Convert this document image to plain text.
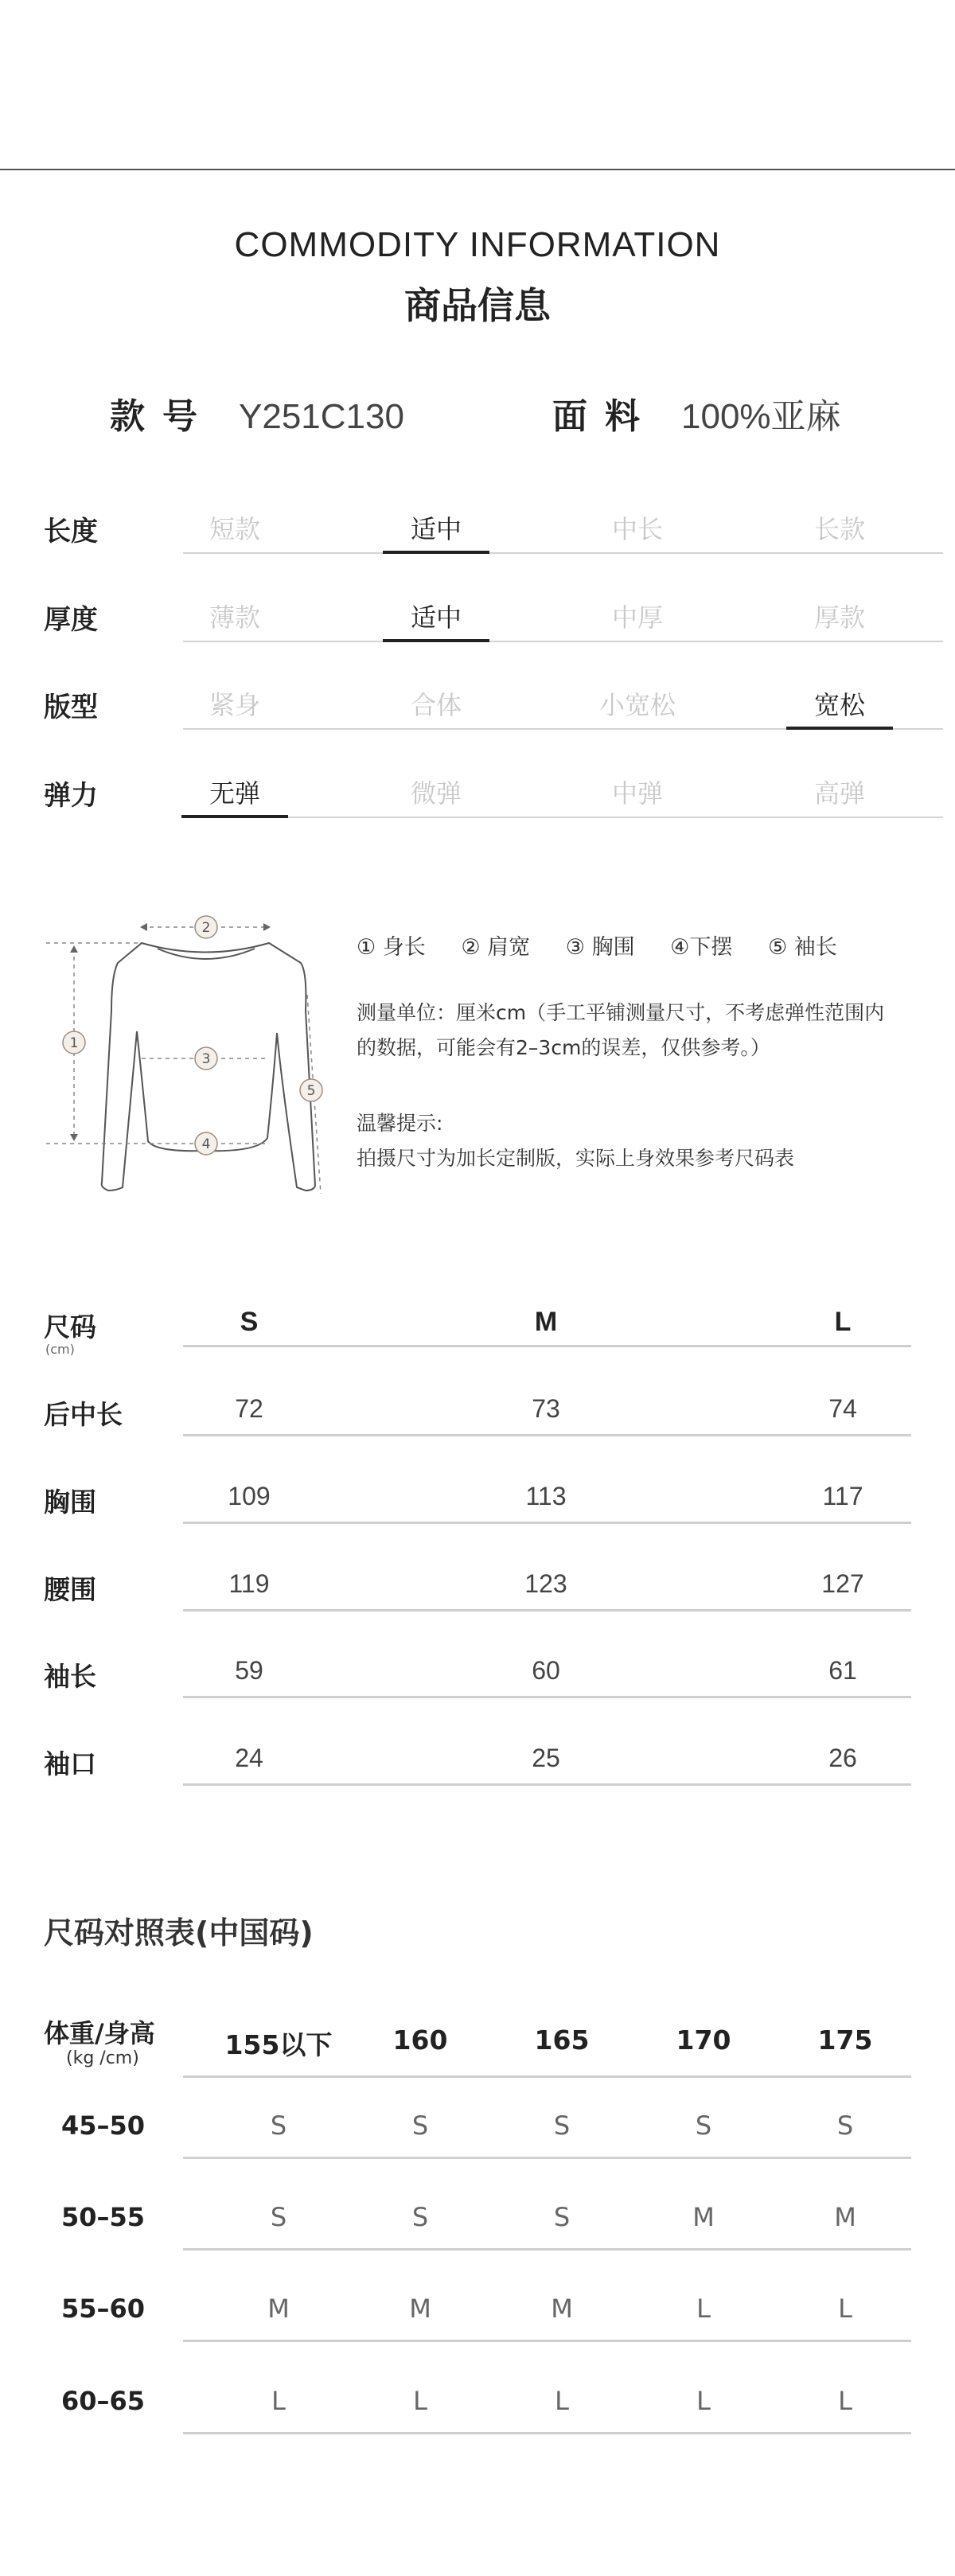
COMMODITY INFORMATION
商品信息
款号 Y251C130	面料 100%亚麻
长度	短款	适中	中长	长款
厚度	薄款	适中	中厚	厚款
版型	紧身	合体	小宽松	宽松
弹力	无弹	微弹	中弹	高弹
1
2
3
4
5
① 身长 ② 肩宽 ③ 胸围 ④下摆 ⑤ 袖长
测量单位：厘米cm（手工平铺测量尺寸，不考虑弹性范围内
的数据，可能会有2–3cm的误差，仅供参考。）
温馨提示:
拍摄尺寸为加长定制版，实际上身效果参考尺码表
尺码
(cm)
S	M	L
后中长	72	73	74
胸围	109	113	117
腰围	119	123	127
袖长	59	60	61
袖口	24	25	26
尺码对照表(中国码)
体重/身高
(kg /cm)	155以下	160	165	170	175
45–50	S	S	S	S	S
50–55	S	S	S	M	M
55–60	M	M	M	L	L
60–65	L	L	L	L	L
